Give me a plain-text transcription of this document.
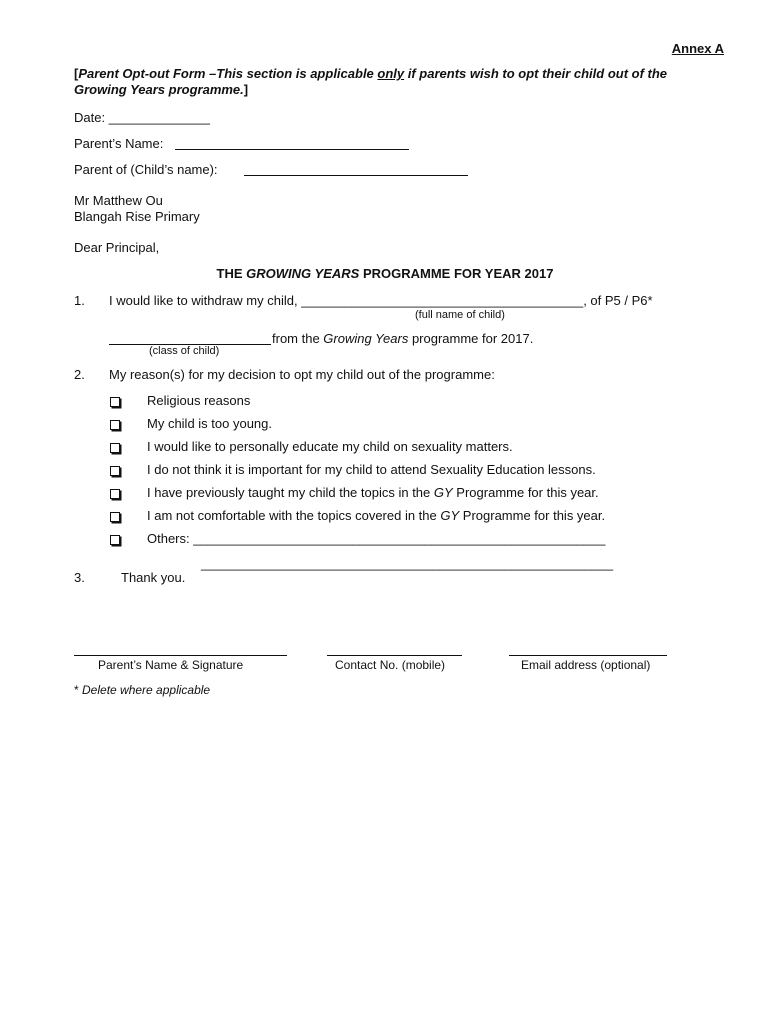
Annex A
[Parent Opt-out Form –This section is applicable only if parents wish to opt their child out of the
Growing Years programme.]
Date: ______________
Parent’s Name:
Parent of (Child’s name):
Mr Matthew Ou
Blangah Rise Primary
Dear Principal,
THE GROWING YEARS PROGRAMME FOR YEAR 2017
1. I would like to withdraw my child, _______________________________________, of P5 / P6*
(full name of child)
from the Growing Years programme for 2017.
(class of child)
2. My reason(s) for my decision to opt my child out of the programme:
Religious reasons
My child is too young.
I would like to personally educate my child on sexuality matters.
I do not think it is important for my child to attend Sexuality Education lessons.
I have previously taught my child the topics in the GY Programme for this year.
I am not comfortable with the topics covered in the GY Programme for this year.
Others: _________________________________________________________
_________________________________________________________
3.	Thank you.
Parent’s Name & Signature	Contact No. (mobile)	Email address (optional)
* Delete where applicable
